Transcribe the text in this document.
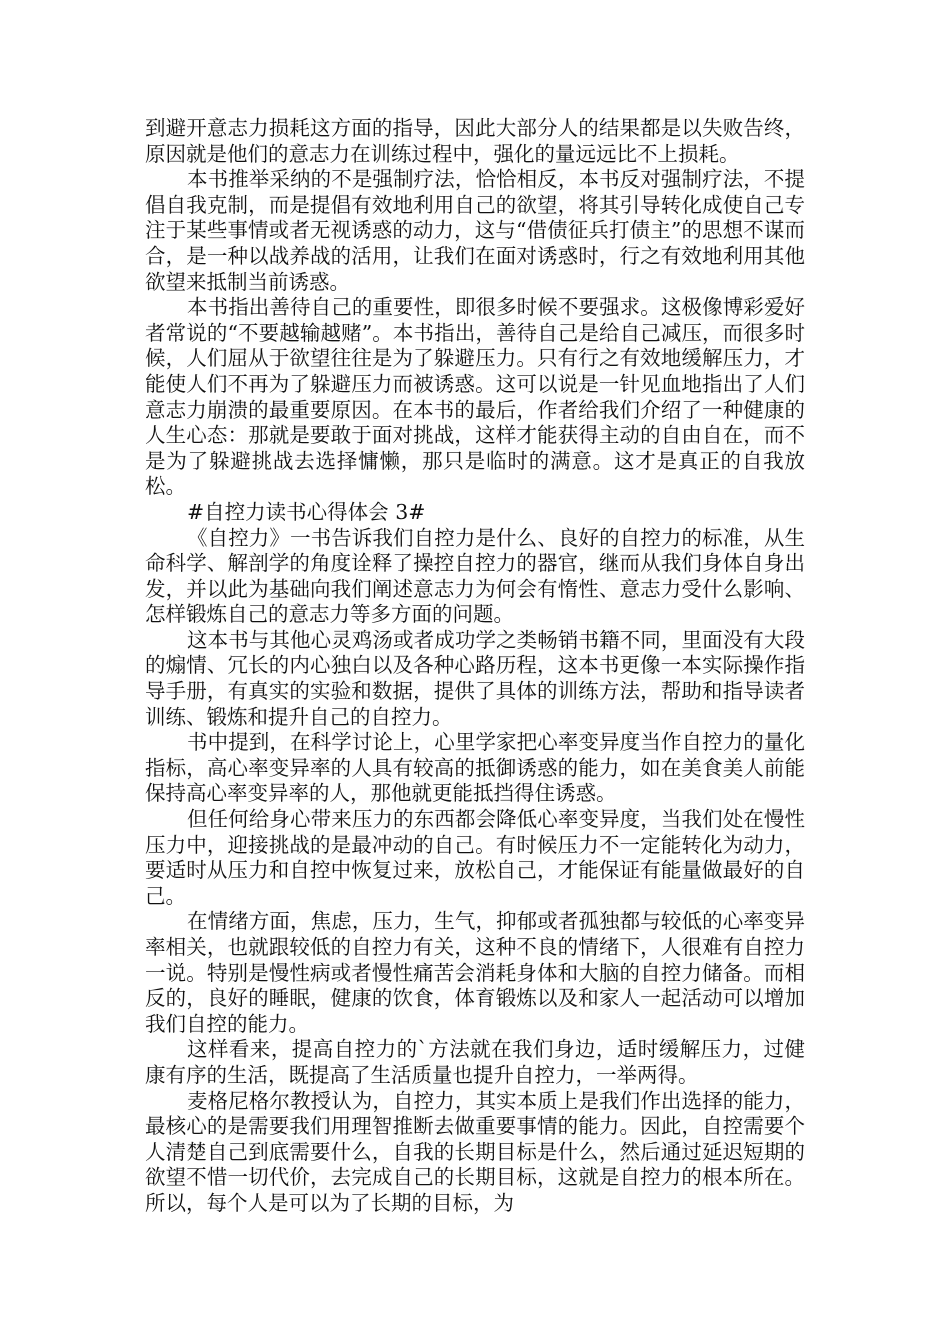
到避开意志力损耗这方面的指导，因此大部分人的结果都是以失败告终，原因就是他们的意志力在训练过程中，强化的量远远比不上损耗。

本书推举采纳的不是强制疗法，恰恰相反，本书反对强制疗法，不提倡自我克制，而是提倡有效地利用自己的欲望，将其引导转化成使自己专注于某些事情或者无视诱惑的动力，这与“借债征兵打债主”的思想不谋而合，是一种以战养战的活用，让我们在面对诱惑时，行之有效地利用其他欲望来抵制当前诱惑。

本书指出善待自己的重要性，即很多时候不要强求。这极像博彩爱好者常说的“不要越输越赌”。本书指出，善待自己是给自己减压，而很多时候，人们屈从于欲望往往是为了躲避压力。只有行之有效地缓解压力，才能使人们不再为了躲避压力而被诱惑。这可以说是一针见血地指出了人们意志力崩溃的最重要原因。在本书的最后，作者给我们介绍了一种健康的人生心态：那就是要敢于面对挑战，这样才能获得主动的自由自在，而不是为了躲避挑战去选择慵懒，那只是临时的满意。这才是真正的自我放松。

#自控力读书心得体会 3#

《自控力》一书告诉我们自控力是什么、良好的自控力的标准，从生命科学、解剖学的角度诠释了操控自控力的器官，继而从我们身体自身出发，并以此为基础向我们阐述意志力为何会有惰性、意志力受什么影响、怎样锻炼自己的意志力等多方面的问题。

这本书与其他心灵鸡汤或者成功学之类畅销书籍不同，里面没有大段的煽情、冗长的内心独白以及各种心路历程，这本书更像一本实际操作指导手册，有真实的实验和数据，提供了具体的训练方法，帮助和指导读者训练、锻炼和提升自己的自控力。

书中提到，在科学讨论上，心里学家把心率变异度当作自控力的量化指标，高心率变异率的人具有较高的抵御诱惑的能力，如在美食美人前能保持高心率变异率的人，那他就更能抵挡得住诱惑。

但任何给身心带来压力的东西都会降低心率变异度，当我们处在慢性压力中，迎接挑战的是最冲动的自己。有时候压力不一定能转化为动力，要适时从压力和自控中恢复过来，放松自己，才能保证有能量做最好的自己。

在情绪方面，焦虑，压力，生气，抑郁或者孤独都与较低的心率变异率相关，也就跟较低的自控力有关，这种不良的情绪下，人很难有自控力一说。特别是慢性病或者慢性痛苦会消耗身体和大脑的自控力储备。而相反的，良好的睡眠，健康的饮食，体育锻炼以及和家人一起活动可以增加我们自控的能力。

这样看来，提高自控力的`方法就在我们身边，适时缓解压力，过健康有序的生活，既提高了生活质量也提升自控力，一举两得。

麦格尼格尔教授认为，自控力，其实本质上是我们作出选择的能力，最核心的是需要我们用理智推断去做重要事情的能力。因此，自控需要个人清楚自己到底需要什么，自我的长期目标是什么，然后通过延迟短期的欲望不惜一切代价，去完成自己的长期目标，这就是自控力的根本所在。所以，每个人是可以为了长期的目标，为
